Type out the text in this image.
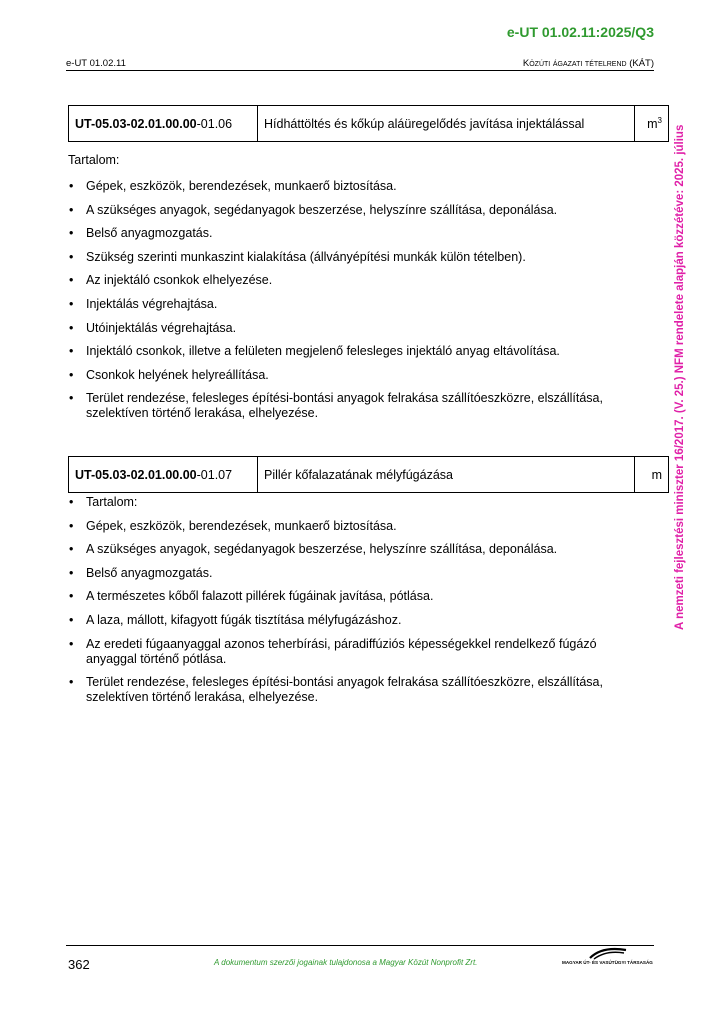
e-UT 01.02.11:2025/Q3
e-UT 01.02.11	Közúti ágazati tételrend (KÁT)
A nemzeti fejlesztési miniszter 16/2017. (V. 25.) NFM rendelete alapján közzétéve: 2025. július
UT-05.03-02.01.00.00-01.06	Hídháttöltés és kőkúp aláüregelődés javítása injektálással	$m^3$
Tartalom:
• Gépek, eszközök, berendezések, munkaerő biztosítása.
• A szükséges anyagok, segédanyagok beszerzése, helyszínre szállítása, deponálása.
• Belső anyagmozgatás.
• Szükség szerinti munkaszint kialakítása (állványépítési munkák külön tételben).
• Az injektáló csonkok elhelyezése.
• Injektálás végrehajtása.
• Utóinjektálás végrehajtása.
• Injektáló csonkok, illetve a felületen megjelenő felesleges injektáló anyag eltávolítása.
• Csonkok helyének helyreállítása.
• Terület rendezése, felesleges építési-bontási anyagok felrakása szállítóeszközre, elszállítása, szelektíven történő lerakása, elhelyezése.
UT-05.03-02.01.00.00-01.07	Pillér kőfalazatának mélyfúgázása	m
• Tartalom:
• Gépek, eszközök, berendezések, munkaerő biztosítása.
• A szükséges anyagok, segédanyagok beszerzése, helyszínre szállítása, deponálása.
• Belső anyagmozgatás.
• A természetes kőből falazott pillérek fúgáinak javítása, pótlása.
• A laza, mállott, kifagyott fúgák tisztítása mélyfugázáshoz.
• Az eredeti fúgaanyaggal azonos teherbírási, páradiffúziós képességekkel rendelkező fúgázó anyaggal történő pótlása.
• Terület rendezése, felesleges építési-bontási anyagok felrakása szállítóeszközre, elszállítása, szelektíven történő lerakása, elhelyezése.
362	A dokumentum szerzői jogainak tulajdonosa a Magyar Közút Nonprofit Zrt.	MAGYAR ÚT- ÉS VASÚTÜGYI TÁRSASÁG
